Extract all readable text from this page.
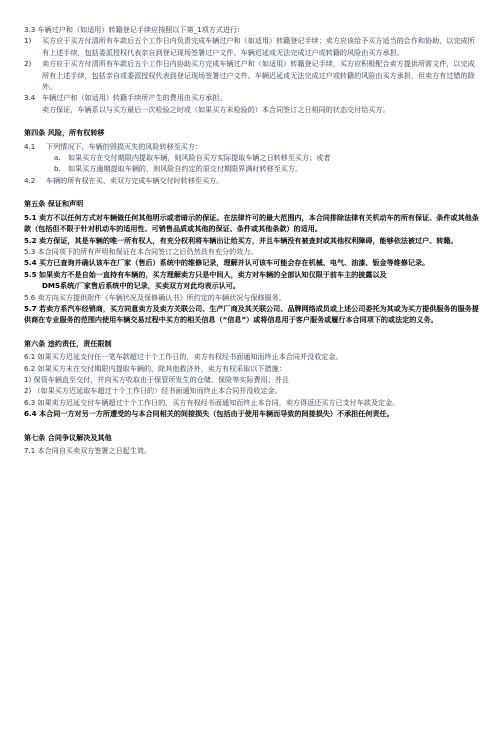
3.3 车辆过户和（如适用）转籍登记手续应按照以下第_1项方式进行:

1)	买方应于买方付清所有车款后五个工作日内负责完成车辆过户和（如适用）转籍登记手续；卖方应该给予买方适当的合作和协助，以完成所有上述手续，包括委派授权代表亲自到登记现场签署过户文件。车辆迟延或无法完成过户或转籍的风险由买方承担。
2)	卖方应于买方付清所有车款后五个工作日内协助买方完成车辆过户和（如适用）转籍登记手续，买方应积极配合卖方提供所需文件，以完成所有上述手续，包括亲自或委派授权代表到登记现场签署过户文件。车辆迟延或无法完成过户或转籍的风险由买方承担，但卖方有过错的除外。
3.4 车辆过户和（如适用）转籍手续所产生的费用由买方承担。

卖方保证，车辆系以与买方最后一次检验之时或（如果买方未检验的）本合同签订之日相同的状态交付给买方。

第四条 风险，所有权转移

4.1	下列情况下，车辆的毁损灭失的风险转移至买方：
a.	如果买方在交付期限内提取车辆，则风险自买方实际提取车辆之日转移至买方；或者
b.	如果买方逾期提取车辆的，则风险自约定的原交付期限界满时转移至买方。
4.2	车辆的所有权在买、卖双方完成车辆交付时转移至买方。

第五条 保证和声明

5.1 卖方不以任何方式对车辆做任何其他明示或者暗示的保证。在法律许可的最大范围内，本合同排除法律有关机动车的所有保证、条件或其他条款（包括但不限于针对机动车的适用性、可销售品质或其他的保证、条件或其他条款）的适用。

5.2 卖方保证，其是车辆的唯一所有权人，有充分权利将车辆出让给买方，并且车辆没有被查封或其他权利障碍，能够依法被过户、转籍。

5.3 本合同项下的所有声明和保证在本合同签订之后仍然具有充分的效力。

5.4 买方已查询并确认该车在厂家（售后）系统中的维修记录，理解并认可该车可能会存在机械、电气、油漆、钣金等维修记录。

5.5 如果卖方不是自始一直持有车辆的，买方理解卖方只是中间人，卖方对车辆的全部认知仅限于前车主的披露以及

DMS系统/厂家售后系统中的记录，买卖双方对此均表示认可。

5.6 卖方向买方提供附件《车辆状况及保修确认书》所约定的车辆状况与保修服务。

5.7 若卖方系汽车经销商，买方同意卖方及卖方关联公司、生产厂商及其关联公司、品牌网络成员或上述公司委托为其或为买方提供服务的服务提供商在专业服务的范围内使用车辆交易过程中买方的相关信息（“信息”）或将信息用于客户服务或履行本合同项下的或法定的义务。

第六条 违约责任，责任限制

6.1 如果买方迟延支付任一笔车款超过十个工作日的，卖方有权经书面通知而终止本合同并没收定金。

6.2 如果买方未在交付期限内提取车辆的，除其他救济外，卖方有权采取以下措施：

1) 保管车辆直至交付，并向买方收取由于保管所发生的仓储、保险等实际费用；并且

2) （如果买方迟延取车超过十个工作日的）经书面通知而终止本合同并没收定金。

6.3 如果卖方迟延交付车辆超过十个工作日的，买方有权经书面通知而终止本合同，卖方得返还买方已支付车款及定金。

6.4 本合同一方对另一方所遭受的与本合同相关的间接损失（包括由于使用车辆而导致的间接损失）不承担任何责任。

第七条 合同争议解决及其他

7.1 本合同自买卖双方签署之日起生效。
